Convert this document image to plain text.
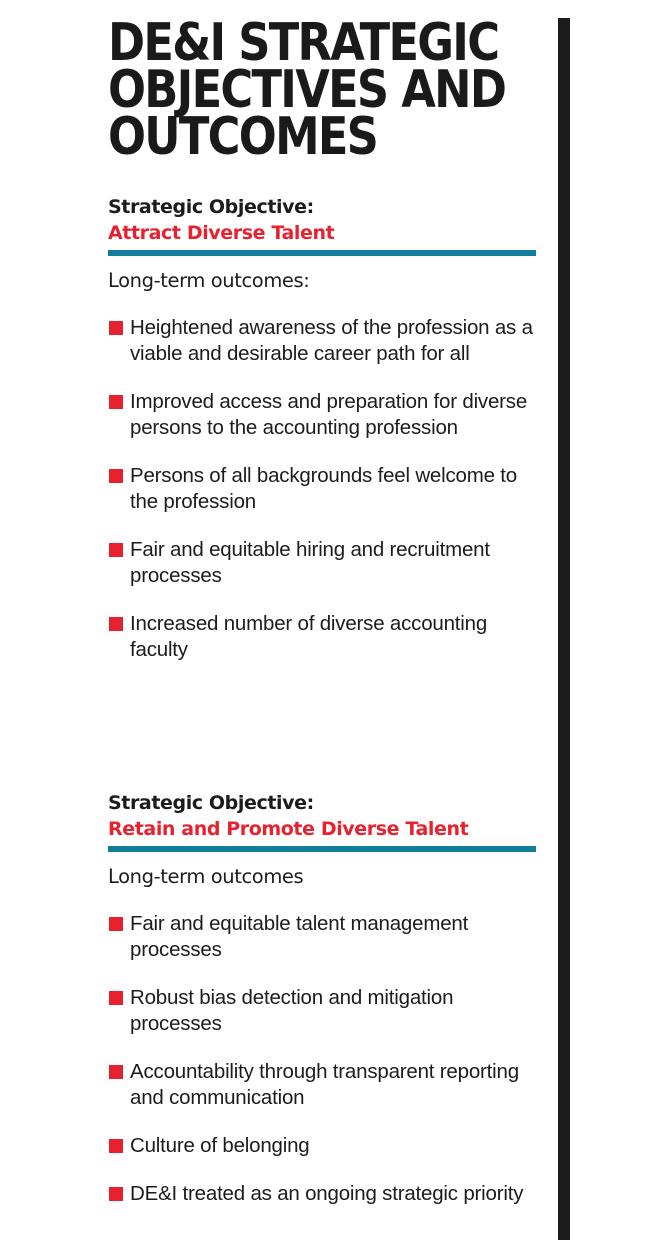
DE&I STRATEGIC
OBJECTIVES AND
OUTCOMES
Strategic Objective:
Attract Diverse Talent
Long-term outcomes:
Heightened awareness of the profession as a viable and desirable career path for all
Improved access and preparation for diverse persons to the accounting profession
Persons of all backgrounds feel welcome to the profession
Fair and equitable hiring and recruitment processes
Increased number of diverse accounting faculty
Strategic Objective:
Retain and Promote Diverse Talent
Long-term outcomes
Fair and equitable talent management processes
Robust bias detection and mitigation processes
Accountability through transparent reporting and communication
Culture of belonging
DE&I treated as an ongoing strategic priority
